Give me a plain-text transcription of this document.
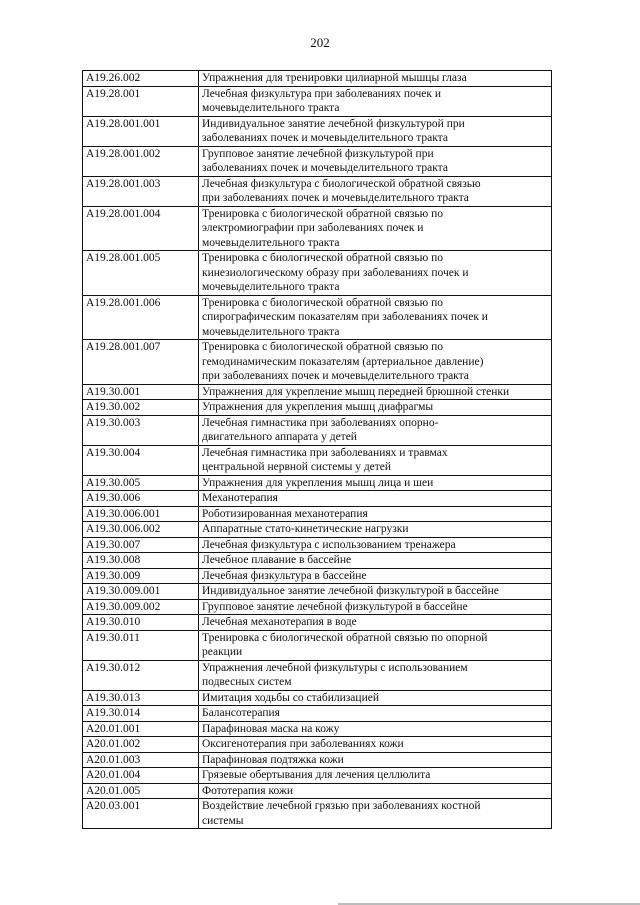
202
A19.26.002	Упражнения для тренировки цилиарной мышцы глаза
A19.28.001	Лечебная физкультура при заболеваниях почек и
мочевыделительного тракта
A19.28.001.001	Индивидуальное занятие лечебной физкультурой при
заболеваниях почек и мочевыделительного тракта
A19.28.001.002	Групповое занятие лечебной физкультурой при
заболеваниях почек и мочевыделительного тракта
A19.28.001.003	Лечебная физкультура с биологической обратной связью
при заболеваниях почек и мочевыделительного тракта
A19.28.001.004	Тренировка с биологической обратной связью по
электромиографии при заболеваниях почек и
мочевыделительного тракта
A19.28.001.005	Тренировка с биологической обратной связью по
кинезиологическому образу при заболеваниях почек и
мочевыделительного тракта
A19.28.001.006	Тренировка с биологической обратной связью по
спирографическим показателям при заболеваниях почек и
мочевыделительного тракта
A19.28.001.007	Тренировка с биологической обратной связью по
гемодинамическим показателям (артериальное давление)
при заболеваниях почек и мочевыделительного тракта
A19.30.001	Упражнения для укрепление мышц передней брюшной стенки
A19.30.002	Упражнения для укрепления мышц диафрагмы
A19.30.003	Лечебная гимнастика при заболеваниях опорно-
двигательного аппарата у детей
A19.30.004	Лечебная гимнастика при заболеваниях и травмах
центральной нервной системы у детей
A19.30.005	Упражнения для укрепления мышц лица и шеи
A19.30.006	Механотерапия
A19.30.006.001	Роботизированная механотерапия
A19.30.006.002	Аппаратные стато-кинетические нагрузки
A19.30.007	Лечебная физкультура с использованием тренажера
A19.30.008	Лечебное плавание в бассейне
A19.30.009	Лечебная физкультура в бассейне
A19.30.009.001	Индивидуальное занятие лечебной физкультурой в бассейне
A19.30.009.002	Групповое занятие лечебной физкультурой в бассейне
A19.30.010	Лечебная механотерапия в воде
A19.30.011	Тренировка с биологической обратной связью по опорной
реакции
A19.30.012	Упражнения лечебной физкультуры с использованием
подвесных систем
A19.30.013	Имитация ходьбы со стабилизацией
A19.30.014	Балансотерапия
A20.01.001	Парафиновая маска на кожу
A20.01.002	Оксигенотерапия при заболеваниях кожи
A20.01.003	Парафиновая подтяжка кожи
A20.01.004	Грязевые обертывания для лечения целлюлита
A20.01.005	Фототерапия кожи
A20.03.001	Воздействие лечебной грязью при заболеваниях костной
системы
